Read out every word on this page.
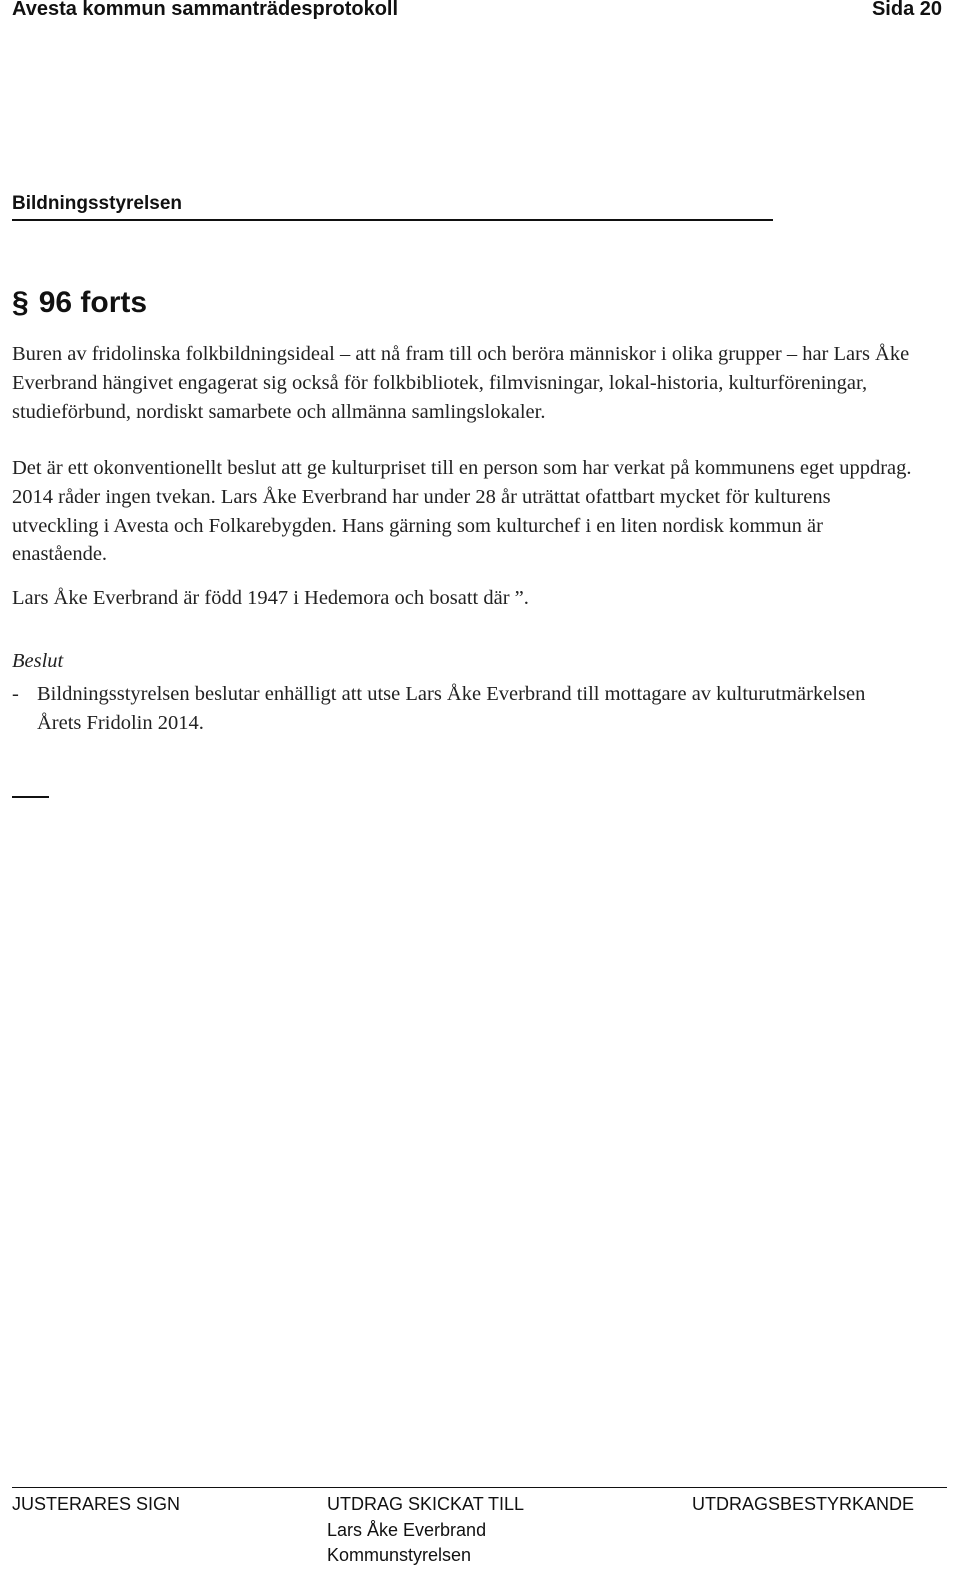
Avesta kommun sammanträdesprotokoll	Sida 20
Bildningsstyrelsen
§ 96 forts
Buren av fridolinska folkbildningsideal – att nå fram till och beröra människor i olika grupper – har Lars Åke Everbrand hängivet engagerat sig också för folkbibliotek, filmvisningar, lokal-historia, kulturföreningar, studieförbund, nordiskt samarbete och allmänna samlingslokaler.
Det är ett okonventionellt beslut att ge kulturpriset till en person som har verkat på kommunens eget uppdrag. 2014 råder ingen tvekan. Lars Åke Everbrand har under 28 år uträttat ofattbart mycket för kulturens utveckling i Avesta och Folkarebygden. Hans gärning som kulturchef i en liten nordisk kommun är enastående.
Lars Åke Everbrand är född 1947 i Hedemora och bosatt där ”.
Beslut
- Bildningsstyrelsen beslutar enhälligt att utse Lars Åke Everbrand till mottagare av kulturutmärkelsen Årets Fridolin 2014.
JUSTERARES SIGN	UTDRAG SKICKAT TILL	UTDRAGSBESTYRKANDE
Lars Åke Everbrand
Kommunstyrelsen
